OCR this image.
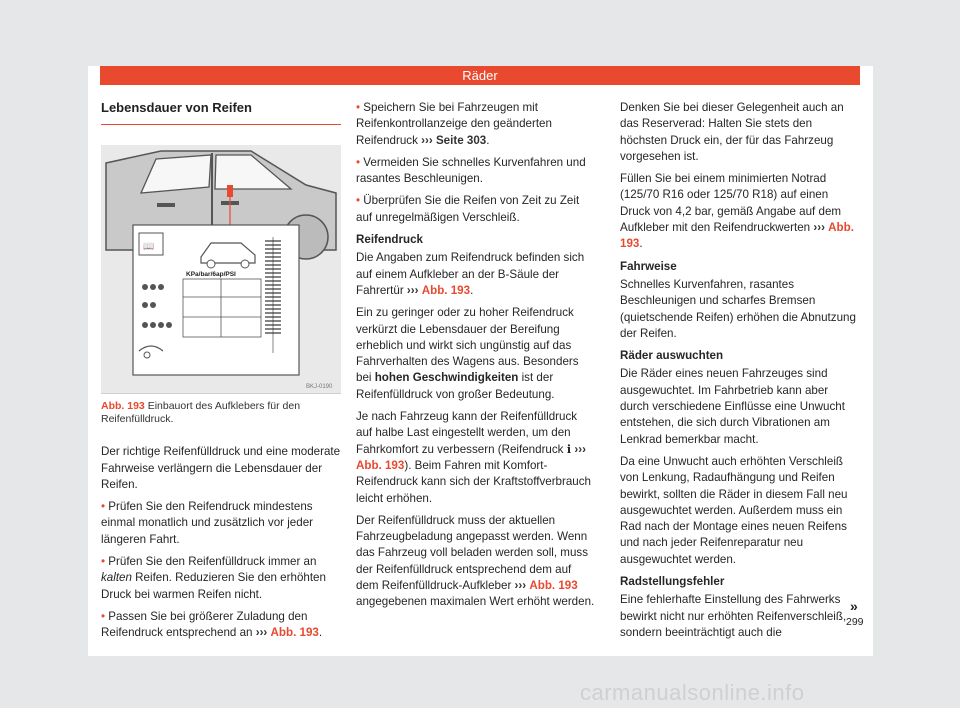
Räder
Lebensdauer von Reifen
📖
KPa/bar/6ap/PSI
BKJ-0190
Abb. 193 Einbauort des Aufklebers für den Reifenfülldruck.

Der richtige Reifenfülldruck und eine moderate Fahrweise verlängern die Lebensdauer der Reifen.

• Prüfen Sie den Reifendruck mindestens einmal monatlich und zusätzlich vor jeder längeren Fahrt.

• Prüfen Sie den Reifenfülldruck immer an kalten Reifen. Reduzieren Sie den erhöhten Druck bei warmen Reifen nicht.

• Passen Sie bei größerer Zuladung den Reifendruck entsprechend an ››› Abb. 193.

• Speichern Sie bei Fahrzeugen mit Reifenkontrollanzeige den geänderten Reifendruck ››› Seite 303.

• Vermeiden Sie schnelles Kurvenfahren und rasantes Beschleunigen.

• Überprüfen Sie die Reifen von Zeit zu Zeit auf unregelmäßigen Verschleiß.

Reifendruck

Die Angaben zum Reifendruck befinden sich auf einem Aufkleber an der B-Säule der Fahrertür ››› Abb. 193.

Ein zu geringer oder zu hoher Reifendruck verkürzt die Lebensdauer der Bereifung erheblich und wirkt sich ungünstig auf das Fahrverhalten des Wagens aus. Besonders bei hohen Geschwindigkeiten ist der Reifenfülldruck von großer Bedeutung.

Je nach Fahrzeug kann der Reifenfülldruck auf halbe Last eingestellt werden, um den Fahrkomfort zu verbessern (Reifendruck ℹ ››› Abb. 193). Beim Fahren mit Komfort-Reifendruck kann sich der Kraftstoffverbrauch leicht erhöhen.

Der Reifenfülldruck muss der aktuellen Fahrzeugbeladung angepasst werden. Wenn das Fahrzeug voll beladen werden soll, muss der Reifenfülldruck entsprechend dem auf dem Reifenfülldruck-Aufkleber ››› Abb. 193 angegebenen maximalen Wert erhöht werden.

Denken Sie bei dieser Gelegenheit auch an das Reserverad: Halten Sie stets den höchsten Druck ein, der für das Fahrzeug vorgesehen ist.

Füllen Sie bei einem minimierten Notrad (125/70 R16 oder 125/70 R18) auf einen Druck von 4,2 bar, gemäß Angabe auf dem Aufkleber mit den Reifendruckwerten ››› Abb. 193.

Fahrweise

Schnelles Kurvenfahren, rasantes Beschleunigen und scharfes Bremsen (quietschende Reifen) erhöhen die Abnutzung der Reifen.

Räder auswuchten

Die Räder eines neuen Fahrzeuges sind ausgewuchtet. Im Fahrbetrieb kann aber durch verschiedene Einflüsse eine Unwucht entstehen, die sich durch Vibrationen am Lenkrad bemerkbar macht.

Da eine Unwucht auch erhöhten Verschleiß von Lenkung, Radaufhängung und Reifen bewirkt, sollten die Räder in diesem Fall neu ausgewuchtet werden. Außerdem muss ein Rad nach der Montage eines neuen Reifens und nach jeder Reifenreparatur neu ausgewuchtet werden.

Radstellungsfehler

Eine fehlerhafte Einstellung des Fahrwerks bewirkt nicht nur erhöhten Reifenverschleiß, sondern beeinträchtigt auch die

»
299
carmanualsonline.info
